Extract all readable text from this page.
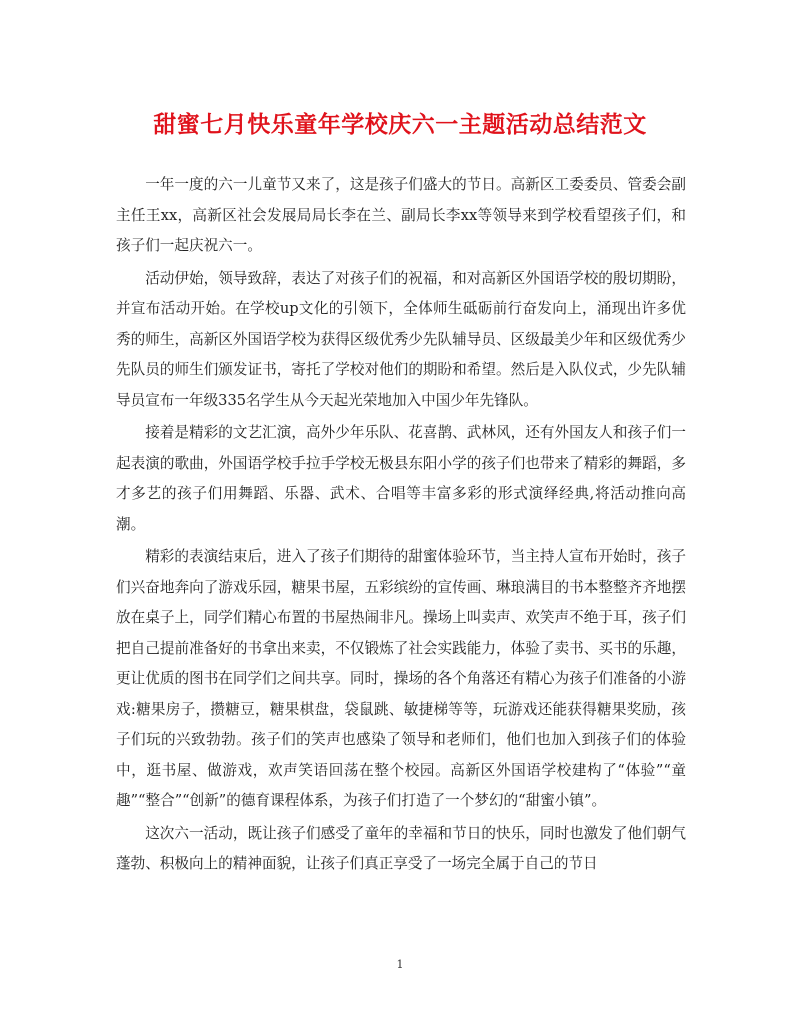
甜蜜七月快乐童年学校庆六一主题活动总结范文

一年一度的六一儿童节又来了，这是孩子们盛大的节日。高新区工委委员、管委会副主任王xx，高新区社会发展局局长李在兰、副局长李xx等领导来到学校看望孩子们，和孩子们一起庆祝六一。

活动伊始，领导致辞，表达了对孩子们的祝福，和对高新区外国语学校的殷切期盼，并宣布活动开始。在学校up文化的引领下，全体师生砥砺前行奋发向上，涌现出许多优秀的师生，高新区外国语学校为获得区级优秀少先队辅导员、区级最美少年和区级优秀少先队员的师生们颁发证书，寄托了学校对他们的期盼和希望。然后是入队仪式，少先队辅导员宣布一年级335名学生从今天起光荣地加入中国少年先锋队。

接着是精彩的文艺汇演，高外少年乐队、花喜鹊、武林风，还有外国友人和孩子们一起表演的歌曲，外国语学校手拉手学校无极县东阳小学的孩子们也带来了精彩的舞蹈，多才多艺的孩子们用舞蹈、乐器、武术、合唱等丰富多彩的形式演绎经典,将活动推向高潮。

精彩的表演结束后，进入了孩子们期待的甜蜜体验环节，当主持人宣布开始时，孩子们兴奋地奔向了游戏乐园，糖果书屋，五彩缤纷的宣传画、琳琅满目的书本整整齐齐地摆放在桌子上，同学们精心布置的书屋热闹非凡。操场上叫卖声、欢笑声不绝于耳，孩子们把自己提前准备好的书拿出来卖，不仅锻炼了社会实践能力，体验了卖书、买书的乐趣，更让优质的图书在同学们之间共享。同时，操场的各个角落还有精心为孩子们准备的小游戏:糖果房子，攒糖豆，糖果棋盘，袋鼠跳、敏捷梯等等，玩游戏还能获得糖果奖励，孩子们玩的兴致勃勃。孩子们的笑声也感染了领导和老师们，他们也加入到孩子们的体验中，逛书屋、做游戏，欢声笑语回荡在整个校园。高新区外国语学校建构了“体验”“童趣”“整合”“创新”的德育课程体系，为孩子们打造了一个梦幻的“甜蜜小镇”。

这次六一活动，既让孩子们感受了童年的幸福和节日的快乐，同时也激发了他们朝气蓬勃、积极向上的精神面貌，让孩子们真正享受了一场完全属于自己的节日

1
